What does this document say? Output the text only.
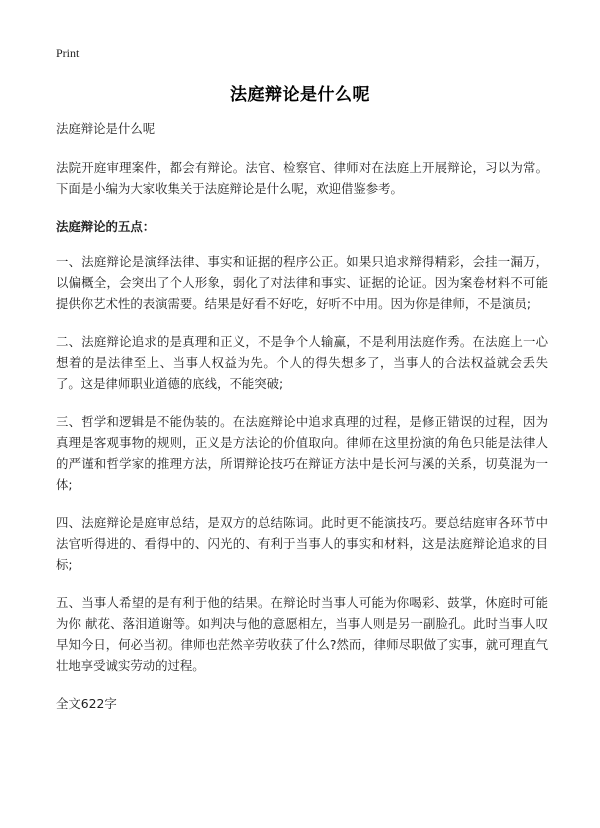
Print
法庭辩论是什么呢

法庭辩论是什么呢

法院开庭审理案件，都会有辩论。法官、检察官、律师对在法庭上开展辩论，习以为常。下面是小编为大家收集关于法庭辩论是什么呢，欢迎借鉴参考。

法庭辩论的五点：

一、法庭辩论是演绎法律、事实和证据的程序公正。如果只追求辩得精彩，会挂一漏万，以偏概全，会突出了个人形象，弱化了对法律和事实、证据的论证。因为案卷材料不可能提供你艺术性的表演需要。结果是好看不好吃，好听不中用。因为你是律师，不是演员;

二、法庭辩论追求的是真理和正义，不是争个人输赢，不是利用法庭作秀。在法庭上一心想着的是法律至上、当事人权益为先。个人的得失想多了，当事人的合法权益就会丢失了。这是律师职业道德的底线，不能突破;

三、哲学和逻辑是不能伪装的。在法庭辩论中追求真理的过程，是修正错误的过程，因为真理是客观事物的规则，正义是方法论的价值取向。律师在这里扮演的角色只能是法律人的严谨和哲学家的推理方法，所谓辩论技巧在辩证方法中是长河与溪的关系，切莫混为一体;

四、法庭辩论是庭审总结，是双方的总结陈词。此时更不能演技巧。要总结庭审各环节中法官听得进的、看得中的、闪光的、有利于当事人的事实和材料，这是法庭辩论追求的目标;

五、当事人希望的是有利于他的结果。在辩论时当事人可能为你喝彩、鼓掌，休庭时可能为你 献花、落泪道谢等。如判决与他的意愿相左，当事人则是另一副脸孔。此时当事人叹早知今日，何必当初。律师也茫然辛劳收获了什么?然而，律师尽职做了实事，就可理直气壮地享受诚实劳动的过程。

全文622字
